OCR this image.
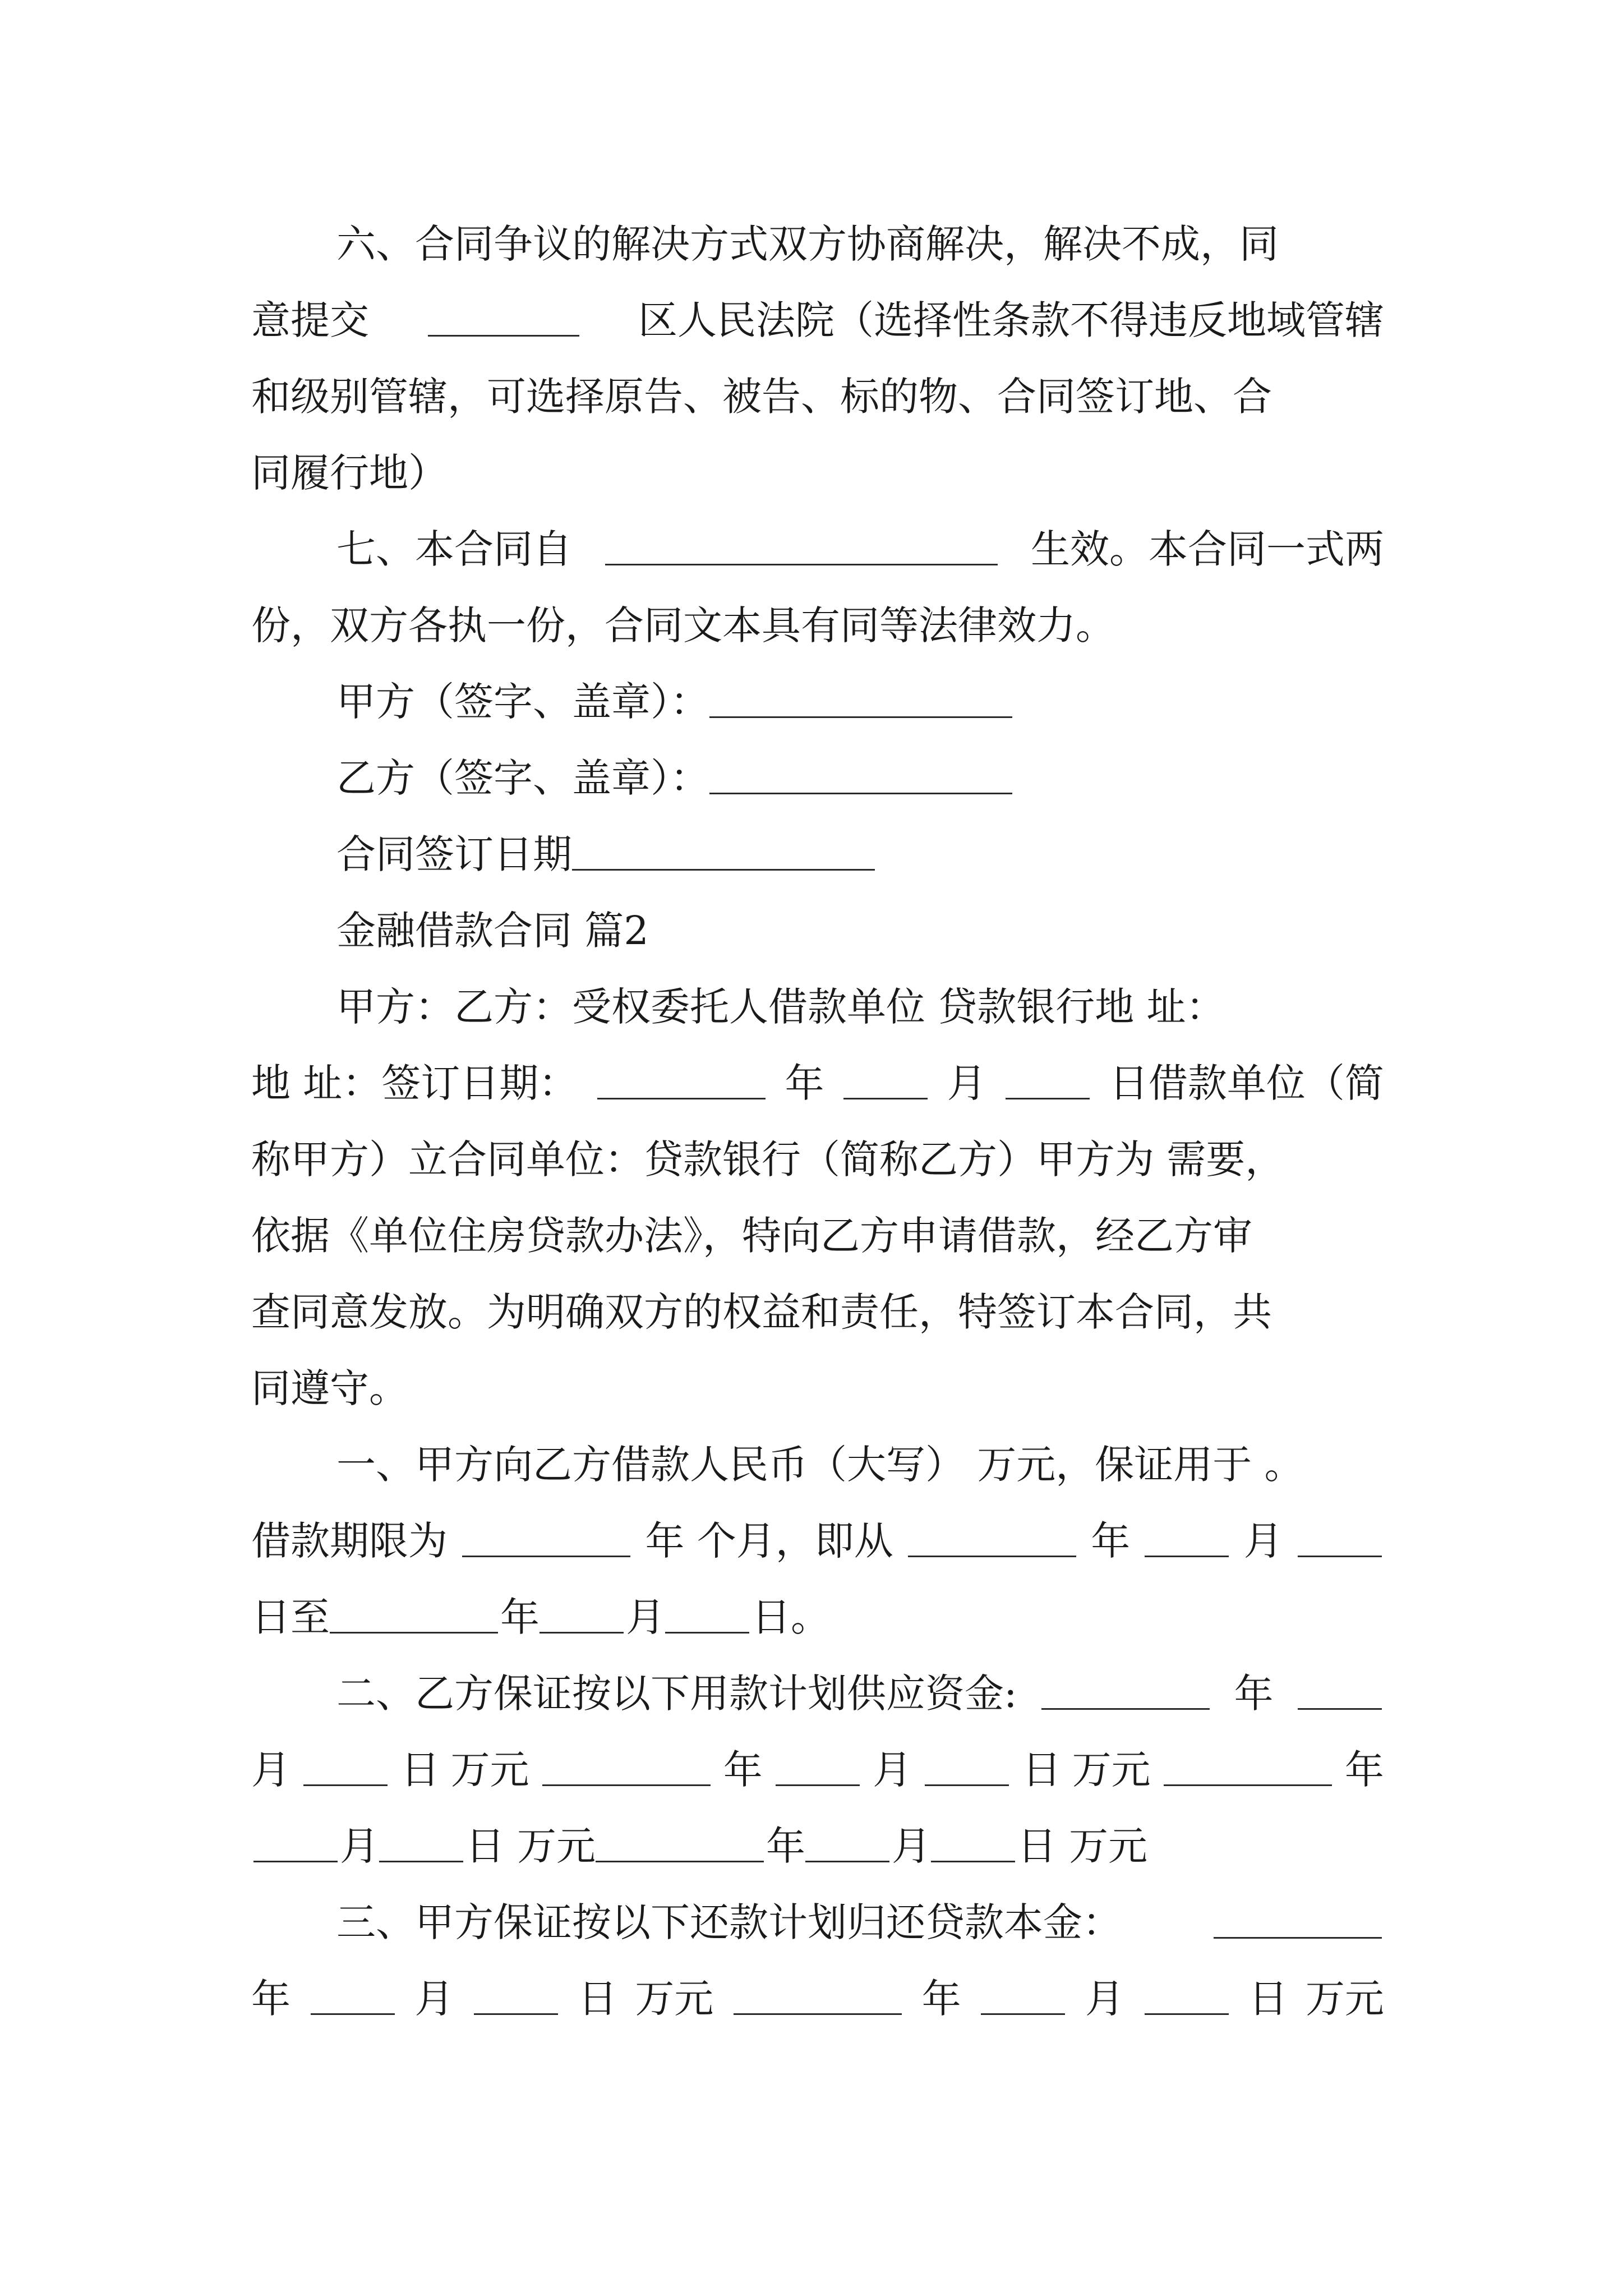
六、合同争议的解决方式双方协商解决，解决不成，同
意提交	区人民法院（选择性条款不得违反地域管辖
和级别管辖，可选择原告、被告、标的物、合同签订地、合
同履行地）
七、本合同自	生效。本合同一式两
份，双方各执一份，合同文本具有同等法律效力。
甲方（签字、盖章）：
乙方（签字、盖章）：
合同签订日期
金融借款合同 篇2
甲方：乙方：受权委托人借款单位 贷款银行地 址：
地 址：签订日期：	年	月	日借款单位（简
称甲方）立合同单位：贷款银行（简称乙方）甲方为 需要，
依据《单位住房贷款办法》，特向乙方申请借款，经乙方审
查同意发放。为明确双方的权益和责任，特签订本合同，共
同遵守。
一、甲方向乙方借款人民币（大写） 万元，保证用于 。
借款期限为	年 个月，即从	年	月
日至	年 月 日。
二、乙方保证按以下用款计划供应资金:	年
月	日 万元	年	月	日 万元	年
月 日 万元	年 月 日 万元
三、甲方保证按以下还款计划归还贷款本金：
年	月	日 万元	年	月	日 万元
